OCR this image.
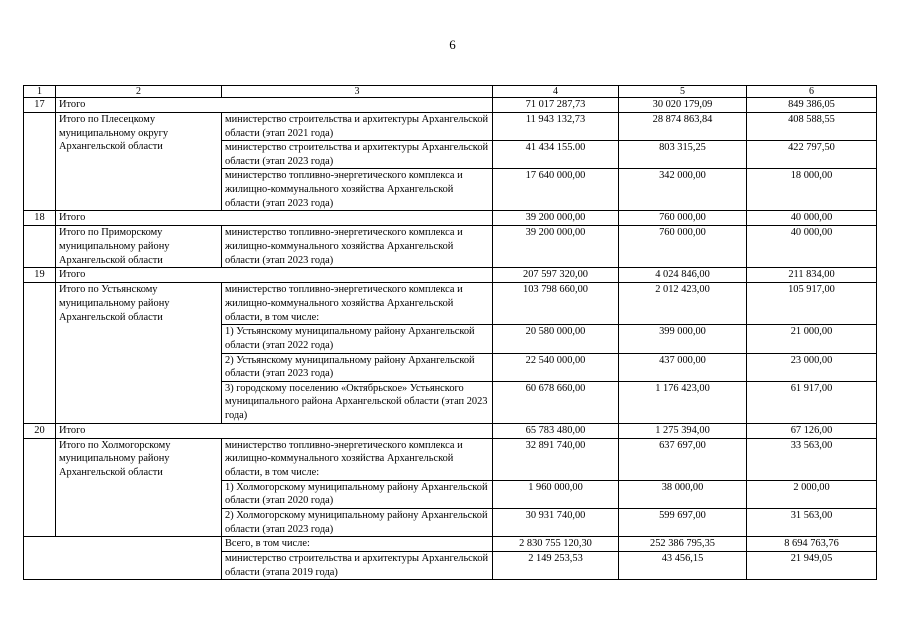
6
1	2	3	4	5	6
17	Итого		71 017 287,73	30 020 179,09	849 386,05
	Итого по Плесецкому муниципальному округу Архангельской области	министерство строительства и архитектуры Архангельской области (этап 2021 года)	11 943 132,73	28 874 863,84	408 588,55
		министерство строительства и архитектуры Архангельской области (этап 2023 года)	41 434 155.00	803 315,25	422 797,50
		министерство топливно-энергетического комплекса и жилищно-коммунального хозяйства Архангельской области (этап 2023 года)	17 640 000,00	342 000,00	18 000,00
18	Итого		39 200 000,00	760 000,00	40 000,00
	Итого по Приморскому муниципальному району Архангельской области	министерство топливно-энергетического комплекса и жилищно-коммунального хозяйства Архангельской области (этап 2023 года)	39 200 000,00	760 000,00	40 000,00
19	Итого		207 597 320,00	4 024 846,00	211 834,00
	Итого по Устьянскому муниципальному району Архангельской области	министерство топливно-энергетического комплекса и жилищно-коммунального хозяйства Архангельской области, в том числе:	103 798 660,00	2 012 423,00	105 917,00
		1) Устьянскому муниципальному району Архангельской области (этап 2022 года)	20 580 000,00	399 000,00	21 000,00
		2) Устьянскому муниципальному району Архангельской области (этап 2023 года)	22 540 000,00	437 000,00	23 000,00
		3) городскому поселению «Октябрьское» Устьянского муниципального района Архангельской области (этап 2023 года)	60 678 660,00	1 176 423,00	61 917,00
20	Итого		65 783 480,00	1 275 394,00	67 126,00
	Итого по Холмогорскому муниципальному району Архангельской области	министерство топливно-энергетического комплекса и жилищно-коммунального хозяйства Архангельской области, в том числе:	32 891 740,00	637 697,00	33 563,00
		1) Холмогорскому муниципальному району Архангельской области (этап 2020 года)	1 960 000,00	38 000,00	2 000,00
		2) Холмогорскому муниципальному району Архангельской области (этап 2023 года)	30 931 740,00	599 697,00	31 563,00
		Всего, в том числе:	2 830 755 120,30	252 386 795,35	8 694 763,76
		министерство строительства и архитектуры Архангельской области (этапа 2019 года)	2 149 253,53	43 456,15	21 949,05
